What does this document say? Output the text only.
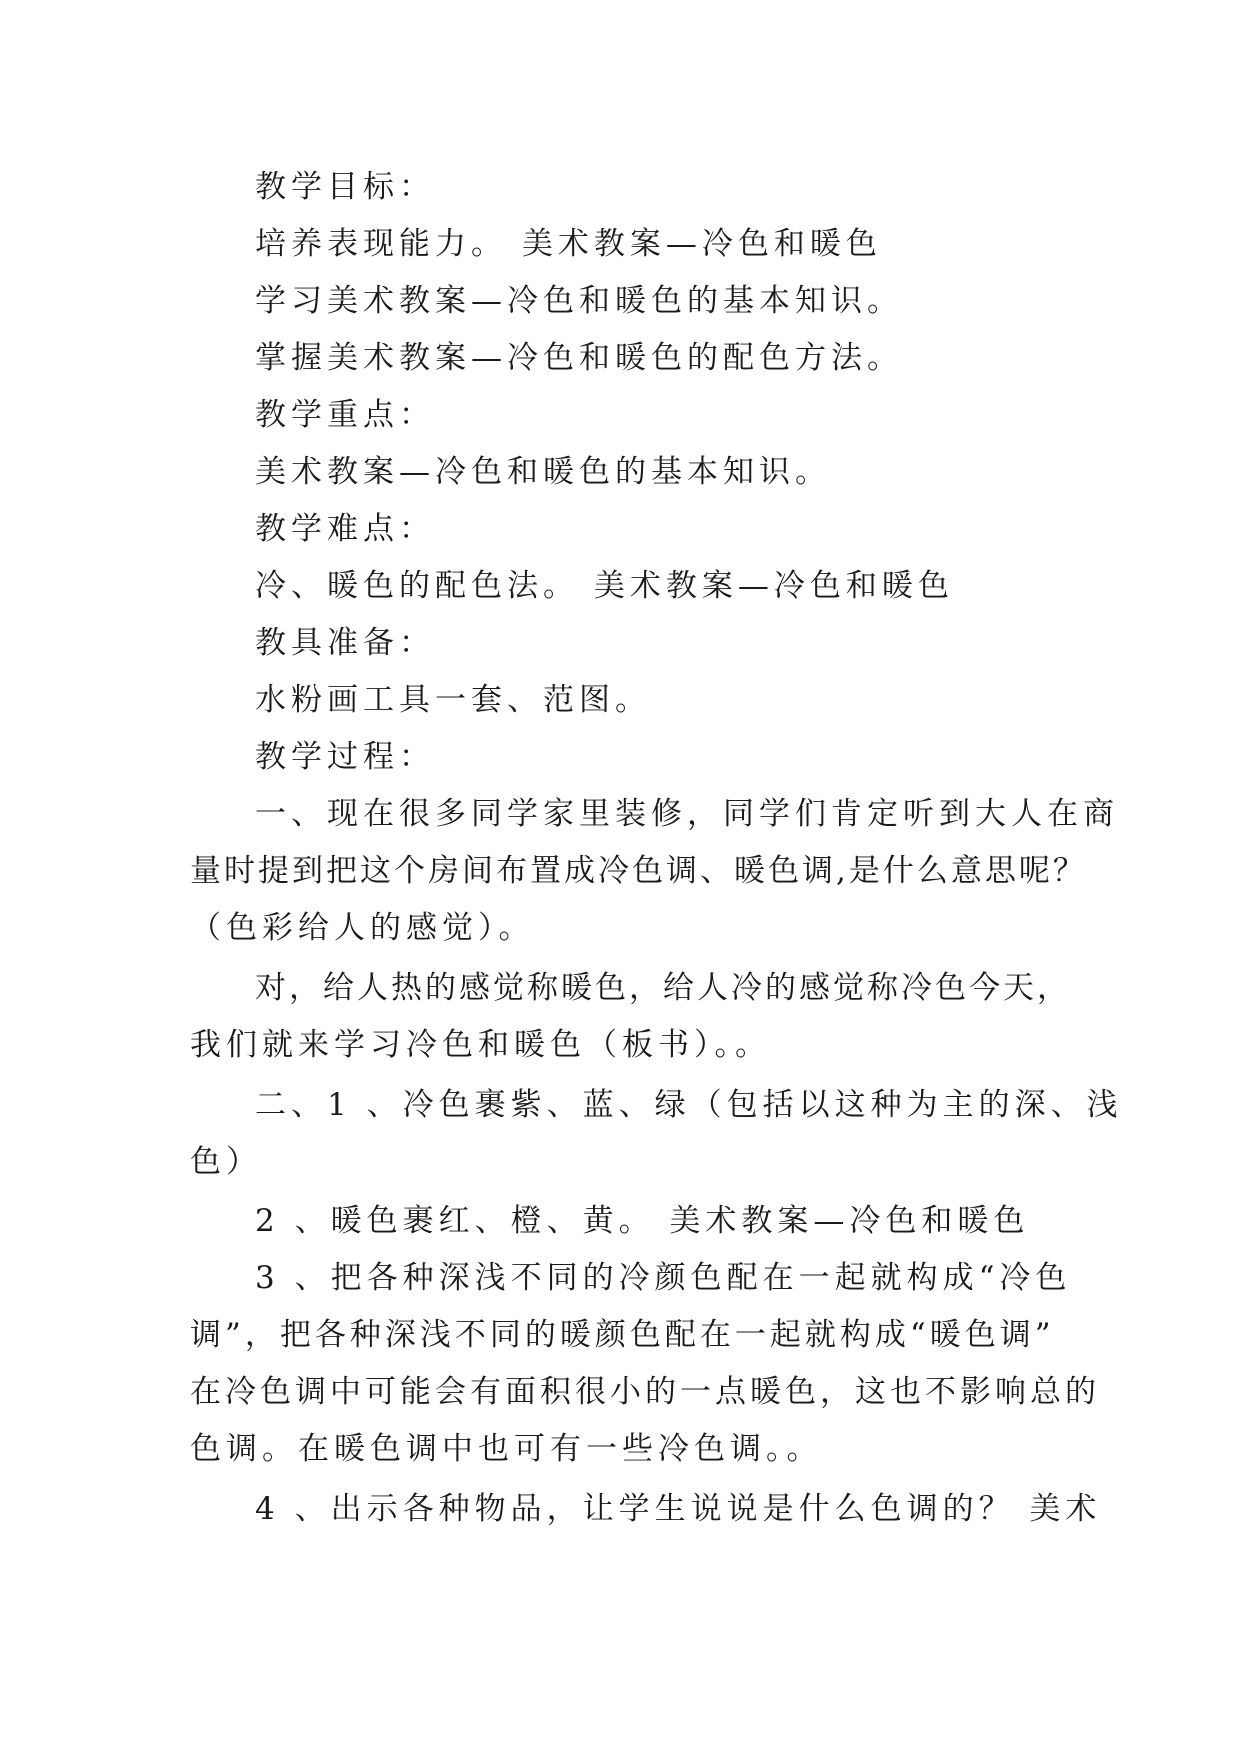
教学目标：
培养表现能力。 美术教案—冷色和暖色
学习美术教案—冷色和暖色的基本知识。
掌握美术教案—冷色和暖色的配色方法。
教学重点：
美术教案—冷色和暖色的基本知识。
教学难点：
冷、暖色的配色法。 美术教案—冷色和暖色
教具准备：
水粉画工具一套、范图。
教学过程：
一、现在很多同学家里装修，同学们肯定听到大人在商
量时提到把这个房间布置成冷色调、暖色调,是什么意思呢？
（色彩给人的感觉）。
对，给人热的感觉称暖色，给人冷的感觉称冷色今天，
我们就来学习冷色和暖色（板书）。。
二、1 、冷色裹紫、蓝、绿（包括以这种为主的深、浅
色）
2 、暖色裹红、橙、黄。 美术教案—冷色和暖色
3 、把各种深浅不同的冷颜色配在一起就构成“冷色
调”，把各种深浅不同的暖颜色配在一起就构成“暖色调”
在冷色调中可能会有面积很小的一点暖色，这也不影响总的
色调。在暖色调中也可有一些冷色调。。
4 、出示各种物品，让学生说说是什么色调的？ 美术
